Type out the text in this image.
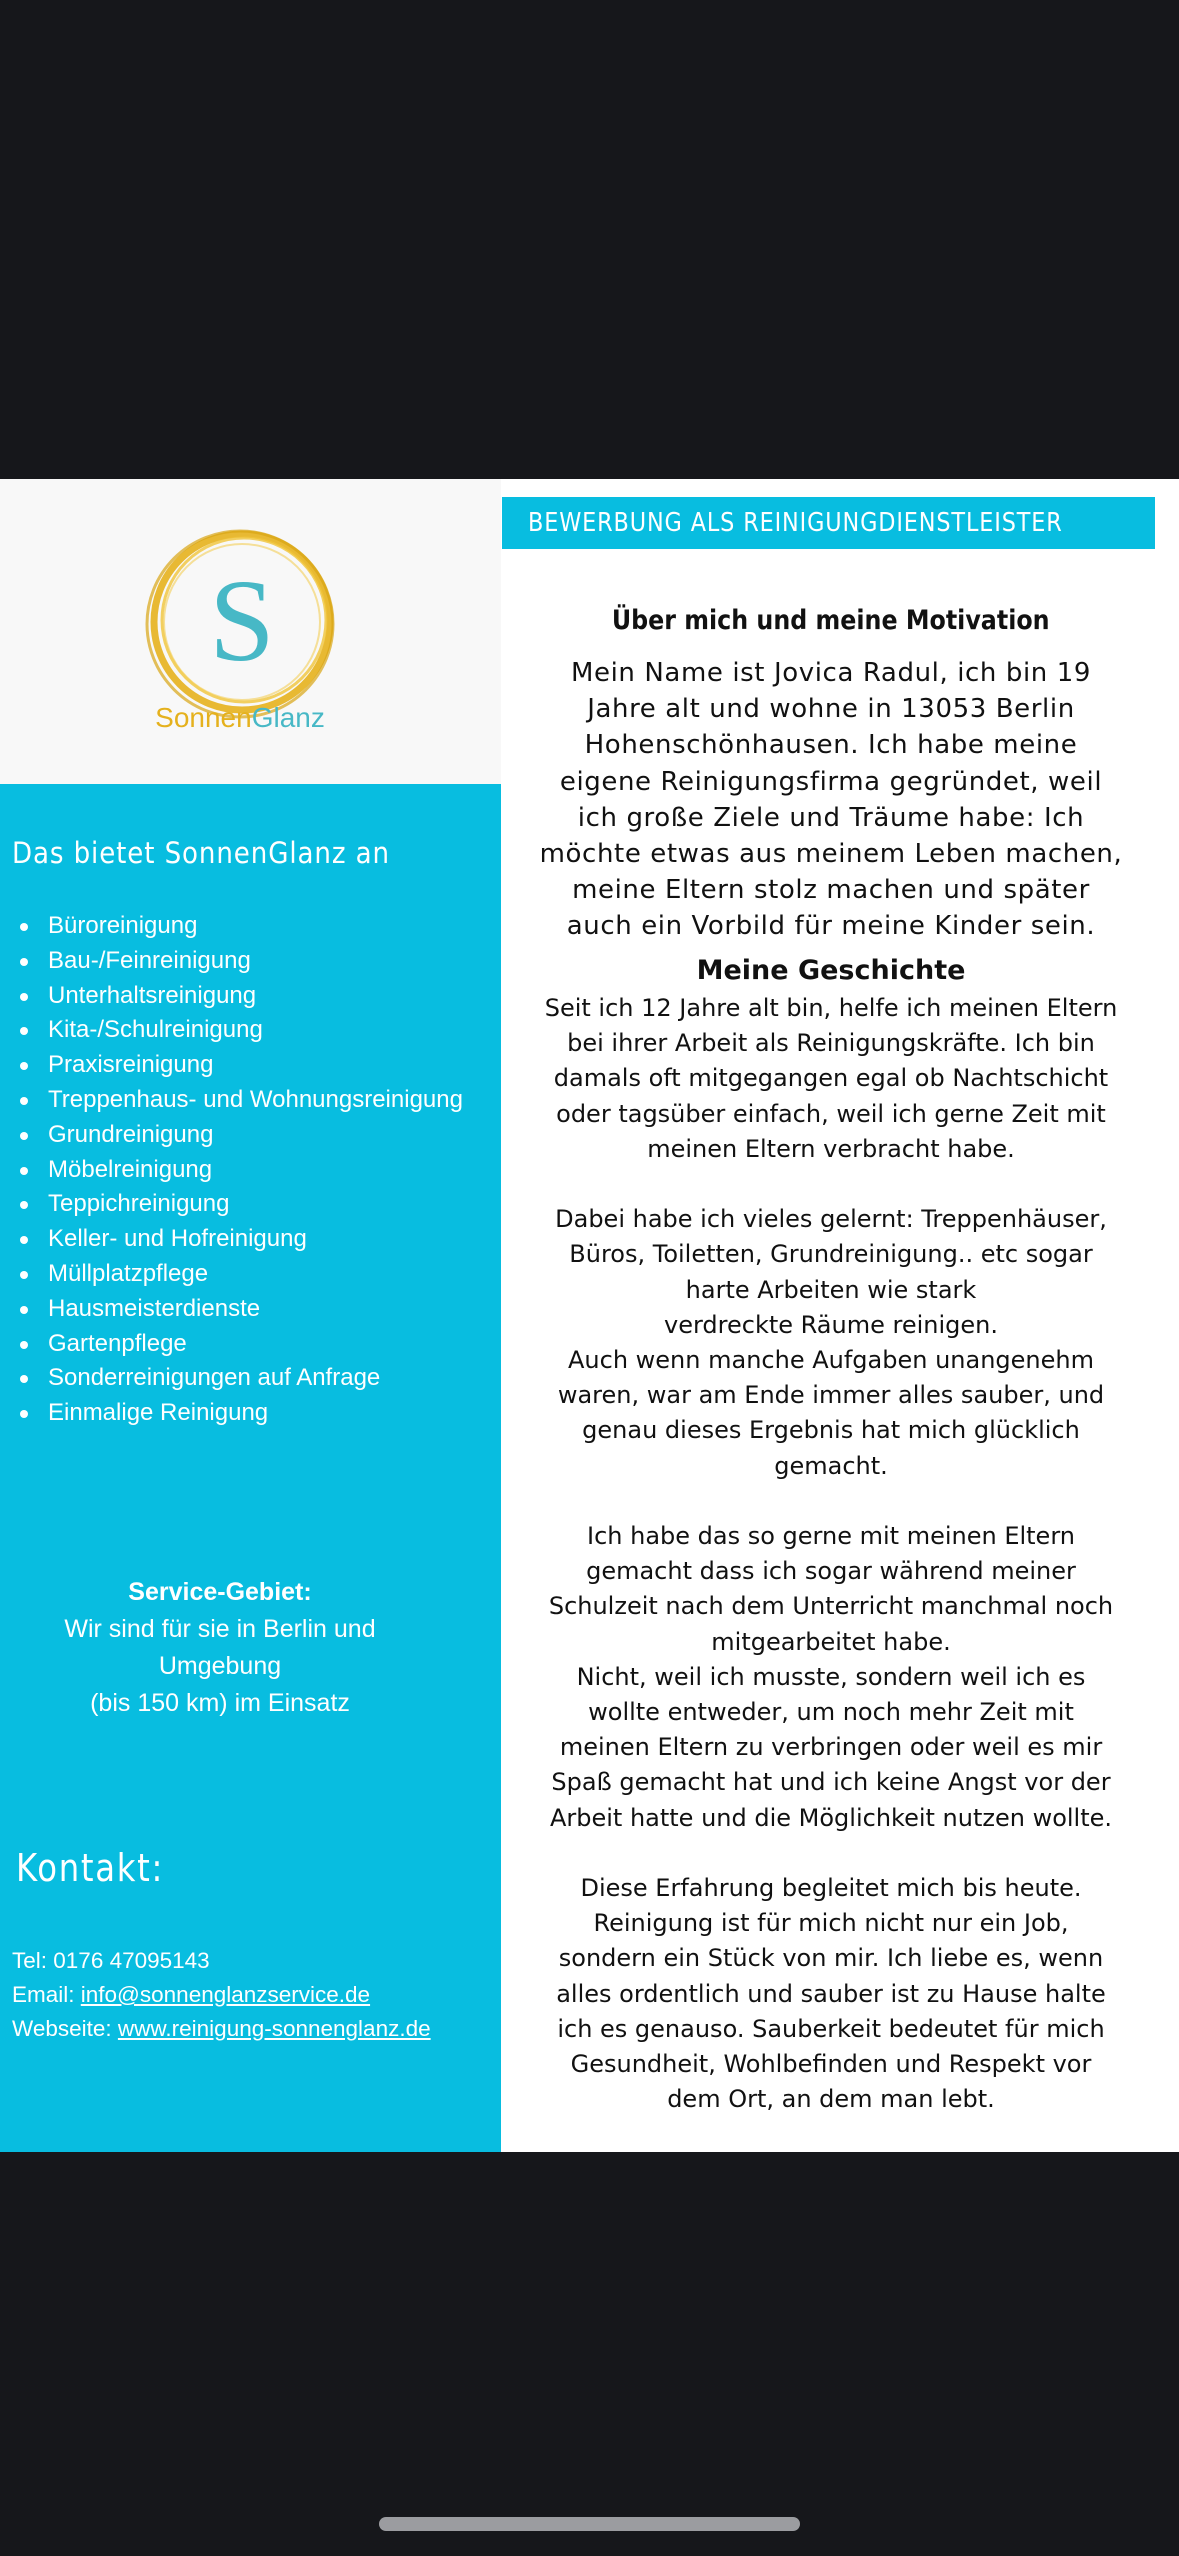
S
SonnenGlanz
Das bietet SonnenGlanz an
Büroreinigung
Bau-/Feinreinigung
Unterhaltsreinigung
Kita-/Schulreinigung
Praxisreinigung
Treppenhaus- und Wohnungsreinigung
Grundreinigung
Möbelreinigung
Teppichreinigung
Keller- und Hofreinigung
Müllplatzpflege
Hausmeisterdienste
Gartenpflege
Sonderreinigungen auf Anfrage
Einmalige Reinigung
Service-Gebiet:
Wir sind für sie in Berlin und Umgebung
(bis 150 km) im Einsatz
Kontakt:
Tel: 0176 47095143
Email: info@sonnenglanzservice.de
Webseite: www.reinigung-sonnenglanz.de
BEWERBUNG ALS REINIGUNGDIENSTLEISTER
Über mich und meine Motivation
Mein Name ist Jovica Radul, ich bin 19
Jahre alt und wohne in 13053 Berlin
Hohenschönhausen. Ich habe meine
eigene Reinigungsfirma gegründet, weil
ich große Ziele und Träume habe: Ich
möchte etwas aus meinem Leben machen,
meine Eltern stolz machen und später
auch ein Vorbild für meine Kinder sein.
Meine Geschichte
Seit ich 12 Jahre alt bin, helfe ich meinen Eltern
bei ihrer Arbeit als Reinigungskräfte. Ich bin
damals oft mitgegangen egal ob Nachtschicht
oder tagsüber einfach, weil ich gerne Zeit mit
meinen Eltern verbracht habe.

Dabei habe ich vieles gelernt: Treppenhäuser,
Büros, Toiletten, Grundreinigung.. etc sogar
harte Arbeiten wie stark
verdreckte Räume reinigen.
Auch wenn manche Aufgaben unangenehm
waren, war am Ende immer alles sauber, und
genau dieses Ergebnis hat mich glücklich
gemacht.

Ich habe das so gerne mit meinen Eltern
gemacht dass ich sogar während meiner
Schulzeit nach dem Unterricht manchmal noch
mitgearbeitet habe.
Nicht, weil ich musste, sondern weil ich es
wollte entweder, um noch mehr Zeit mit
meinen Eltern zu verbringen oder weil es mir
Spaß gemacht hat und ich keine Angst vor der
Arbeit hatte und die Möglichkeit nutzen wollte.

Diese Erfahrung begleitet mich bis heute.
Reinigung ist für mich nicht nur ein Job,
sondern ein Stück von mir. Ich liebe es, wenn
alles ordentlich und sauber ist zu Hause halte
ich es genauso. Sauberkeit bedeutet für mich
Gesundheit, Wohlbefinden und Respekt vor
dem Ort, an dem man lebt.
